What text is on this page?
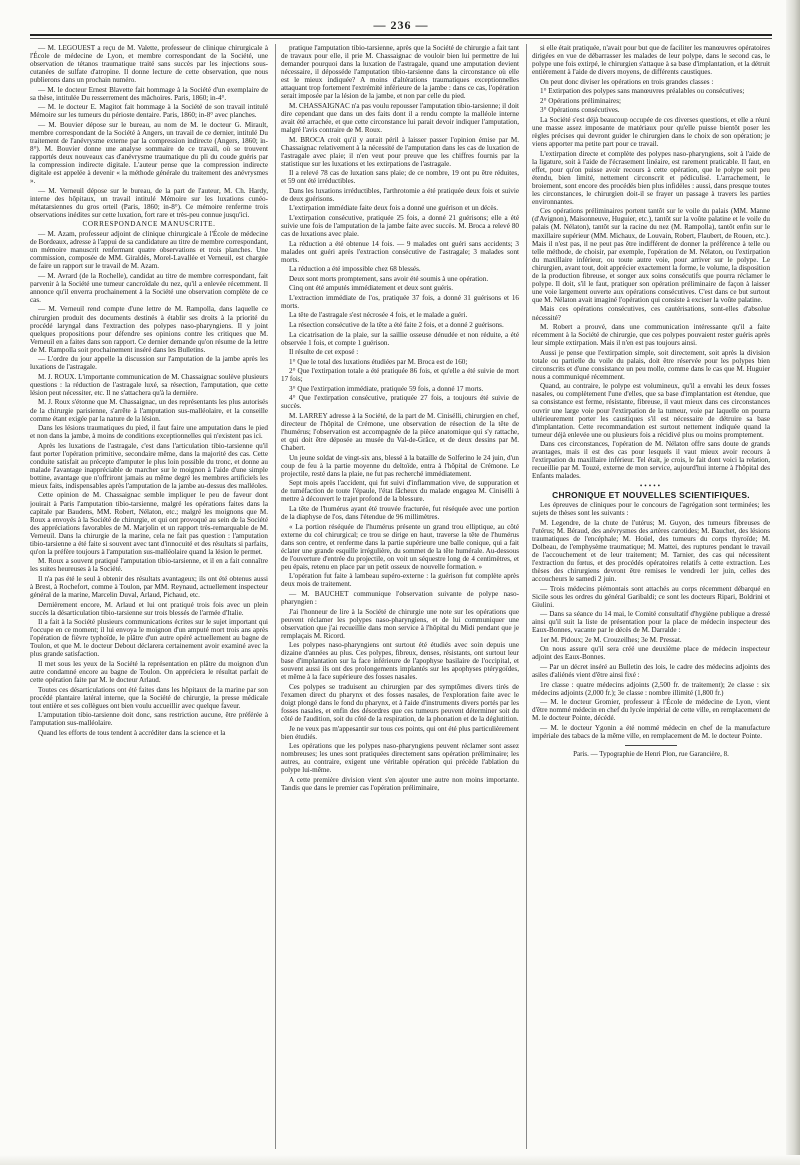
— 236 —

— M. LEGOUEST a reçu de M. Valette, professeur de clinique chirurgicale à l'École de médecine de Lyon, et membre correspondant de la Société, une observation de tétanos traumatique traité sans succès par les injections sous-cutanées de sulfate d'atropine. Il donne lecture de cette observation, que nous publierons dans un prochain numéro.

— M. le docteur Ernest Blavette fait hommage à la Société d'un exemplaire de sa thèse, intitulée Du resserrement des mâchoires. Paris, 1860; in-4°.

— M. le docteur E. Magitot fait hommage à la Société de son travail intitulé Mémoire sur les tumeurs du périoste dentaire. Paris, 1860; in-8° avec planches.

— M. Bouvier dépose sur le bureau, au nom de M. le docteur G. Mirault, membre correspondant de la Société à Angers, un travail de ce dernier, intitulé Du traitement de l'anévrysme externe par la compression indirecte (Angers, 1860; in-8°). M. Bouvier donne une analyse sommaire de ce travail, où se trouvent rapportés deux nouveaux cas d'anévrysme traumatique du pli du coude guéris par la compression indirecte digitale. L'auteur pense que la compression indirecte digitale est appelée à devenir « la méthode générale du traitement des anévrysmes ».

— M. Verneuil dépose sur le bureau, de la part de l'auteur, M. Ch. Hardy, interne des hôpitaux, un travail intitulé Mémoire sur les luxations cunéo-métatarsiennes du gros orteil (Paris, 1860; in-8°). Ce mémoire renferme trois observations inédites sur cette luxation, fort rare et très-peu connue jusqu'ici.

CORRESPONDANCE MANUSCRITE.

— M. Azam, professeur adjoint de clinique chirurgicale à l'École de médecine de Bordeaux, adresse à l'appui de sa candidature au titre de membre correspondant, un mémoire manuscrit renfermant quatre observations et trois planches. Une commission, composée de MM. Giraldès, Morel-Lavallée et Verneuil, est chargée de faire un rapport sur le travail de M. Azam.

— M. Avrard (de la Rochelle), candidat au titre de membre correspondant, fait parvenir à la Société une tumeur cancroïdale du nez, qu'il a enlevée récemment. Il annonce qu'il enverra prochainement à la Société une observation complète de ce cas.

— M. Verneuil rend compte d'une lettre de M. Rampolla, dans laquelle ce chirurgien produit des documents destinés à établir ses droits à la priorité du procédé laryngal dans l'extraction des polypes naso-pharyngiens. Il y joint quelques propositions pour défendre ses opinions contre les critiques que M. Verneuil en a faites dans son rapport. Ce dernier demande qu'on résume de la lettre de M. Rampolla soit prochainement inséré dans les Bulletins.

— L'ordre du jour appelle la discussion sur l'amputation de la jambe après les luxations de l'astragale.

M. J. ROUX. L'importante communication de M. Chassaignac soulève plusieurs questions : la réduction de l'astragale luxé, sa résection, l'amputation, que cette lésion peut nécessiter, etc. Il ne s'attachera qu'à la dernière.

M. J. Roux s'étonne que M. Chassaignac, un des représentants les plus autorisés de la chirurgie parisienne, s'arrête à l'amputation sus-malléolaire, et la conseille comme étant exigée par la nature de la lésion.

Dans les lésions traumatiques du pied, il faut faire une amputation dans le pied et non dans la jambe, à moins de conditions exceptionnelles qui n'existent pas ici.

Après les luxations de l'astragale, c'est dans l'articulation tibio-tarsienne qu'il faut porter l'opération primitive, secondaire même, dans la majorité des cas. Cette conduite satisfait au précepte d'amputer le plus loin possible du tronc, et donne au malade l'avantage inappréciable de marcher sur le moignon à l'aide d'une simple bottine, avantage que n'offriront jamais au même degré les membres artificiels les mieux faits, indispensables après l'amputation de la jambe au-dessus des malléoles.

Cette opinion de M. Chassaignac semble impliquer le peu de faveur dont jouirait à Paris l'amputation tibio-tarsienne, malgré les opérations faites dans la capitale par Baudens, MM. Robert, Nélaton, etc.; malgré les moignons que M. Roux a envoyés à la Société de chirurgie, et qui ont provoqué au sein de la Société des appréciations favorables de M. Marjolin et un rapport très-remarquable de M. Verneuil. Dans la chirurgie de la marine, cela ne fait pas question : l'amputation tibio-tarsienne a été faite si souvent avec tant d'innocuité et des résultats si parfaits, qu'on la préfère toujours à l'amputation sus-malléolaire quand la lésion le permet.

M. Roux a souvent pratiqué l'amputation tibio-tarsienne, et il en a fait connaître les suites heureuses à la Société.

Il n'a pas été le seul à obtenir des résultats avantageux; ils ont été obtenus aussi à Brest, à Rochefort, comme à Toulon, par MM. Reynaud, actuellement inspecteur général de la marine, Marcelin Duval, Arlaud, Pichaud, etc.

Dernièrement encore, M. Arlaud et lui ont pratiqué trois fois avec un plein succès la désarticulation tibio-tarsienne sur trois blessés de l'armée d'Italie.

Il a fait à la Société plusieurs communications écrites sur le sujet important qui l'occupe en ce moment; il lui envoya le moignon d'un amputé mort trois ans après l'opération de fièvre typhoïde, le plâtre d'un autre opéré actuellement au bagne de Toulon, et que M. le docteur Debout déclarera certainement avoir examiné avec la plus grande satisfaction.

Il met sous les yeux de la Société la représentation en plâtre du moignon d'un autre condamné encore au bagne de Toulon. On appréciera le résultat parfait de cette opération faite par M. le docteur Arlaud.

Toutes ces désarticulations ont été faites dans les hôpitaux de la marine par son procédé plantaire latéral interne, que la Société de chirurgie, la presse médicale tout entière et ses collègues ont bien voulu accueillir avec quelque faveur.

L'amputation tibio-tarsienne doit donc, sans restriction aucune, être préférée à l'amputation sus-malléolaire.

Quand les efforts de tous tendent à accréditer dans la science et la

pratique l'amputation tibio-tarsienne, après que la Société de chirurgie a fait tant de travaux pour elle, il prie M. Chassaignac de vouloir bien lui permettre de lui demander pourquoi dans la luxation de l'astragale, quand une amputation devient nécessaire, il déposséde l'amputation tibio-tarsienne dans la circonstance où elle est le mieux indiquée? A moins d'altérations traumatiques exceptionnelles attaquant trop fortement l'extrémité inférieure de la jambe : dans ce cas, l'opération serait imposée par la lésion de la jambe, et non par celle du pied.

M. CHASSAIGNAC n'a pas voulu repousser l'amputation tibio-tarsienne; il doit dire cependant que dans un des faits dont il a rendu compte la malléole interne avait été arrachée, et que cette circonstance lui parait devoir indiquer l'amputation, malgré l'avis contraire de M. Roux.

M. BROCA croit qu'il y aurait péril à laisser passer l'opinion émise par M. Chassaignac relativement à la nécessité de l'amputation dans les cas de luxation de l'astragale avec plaie; il n'en veut pour preuve que les chiffres fournis par la statistique sur les luxations et les extirpations de l'astragale.

Il a relevé 78 cas de luxation sans plaie; de ce nombre, 19 ont pu être réduites, et 59 ont été irréductibles.

Dans les luxations irréductibles, l'arthrotomie a été pratiquée deux fois et suivie de deux guérisons.

L'extirpation immédiate faite deux fois a donné une guérison et un décès.

L'extirpation consécutive, pratiquée 25 fois, a donné 21 guérisons; elle a été suivie une fois de l'amputation de la jambe faite avec succès. M. Broca a relevé 80 cas de luxations avec plaie.

La réduction a été obtenue 14 fois. — 9 malades ont guéri sans accidents; 3 malades ont guéri après l'extraction consécutive de l'astragale; 3 malades sont morts.

La réduction a été impossible chez 68 blessés.

Deux sont morts promptement, sans avoir été soumis à une opération.

Cinq ont été amputés immédiatement et deux sont guéris.

L'extraction immédiate de l'os, pratiquée 37 fois, a donné 31 guérisons et 16 morts.

La tête de l'astragale s'est nécrosée 4 fois, et le malade a guéri.

La résection consécutive de la tête a été faite 2 fois, et a donné 2 guérisons.

La cicatrisation de la plaie, sur la saillie osseuse dénudée et non réduite, a été observée 1 fois, et compte 1 guérison.

Il résulte de cet exposé :

1° Que le total des luxations étudiées par M. Broca est de 160;

2° Que l'extirpation totale a été pratiquée 86 fois, et qu'elle a été suivie de mort 17 fois;

3° Que l'extirpation immédiate, pratiquée 59 fois, a donné 17 morts.

4° Que l'extirpation consécutive, pratiquée 27 fois, a toujours été suivie de succès.

M. LARREY adresse à la Société, de la part de M. Cinisélli, chirurgien en chef, directeur de l'hôpital de Crémone, une observation de résection de la tête de l'humérus; l'observation est accompagnée de la pièce anatomique qui s'y rattache, et qui doit être déposée au musée du Val-de-Grâce, et de deux dessins par M. Chabert.

Un jeune soldat de vingt-six ans, blessé à la bataille de Solferino le 24 juin, d'un coup de feu à la partie moyenne du deltoïde, entra à l'hôpital de Crémone. Le projectile, resté dans la plaie, ne fut pas recherché immédiatement.

Sept mois après l'accident, qui fut suivi d'inflammation vive, de suppuration et de tuméfaction de toute l'épaule, l'état fâcheux du malade engagea M. Cinisélli à mettre à découvert le trajet profond de la blessure.

La tête de l'humérus ayant été trouvée fracturée, fut réséquée avec une portion de la diaphyse de l'os, dans l'étendue de 96 millimètres.

« La portion réséquée de l'humérus présente un grand trou elliptique, au côté externe du col chirurgical; ce trou se dirige en haut, traverse la tête de l'humérus dans son centre, et renferme dans la partie supérieure une balle conique, qui a fait éclater une grande esquille irrégulière, du sommet de la tête humérale. Au-dessous de l'ouverture d'entrée du projectile, on voit un séquestre long de 4 centimètres, et peu épais, retenu en place par un petit osseux de nouvelle formation. »

L'opération fut faite à lambeau supéro-externe : la guérison fut complète après deux mois de traitement.

— M. BAUCHET communique l'observation suivante de polype naso-pharyngien :

J'ai l'honneur de lire à la Société de chirurgie une note sur les opérations que peuvent réclamer les polypes naso-pharyngiens, et de lui communiquer une observation que j'ai recueillie dans mon service à l'hôpital du Midi pendant que je remplaçais M. Ricord.

Les polypes naso-pharyngiens ont surtout été étudiés avec soin depuis une dizaine d'années au plus. Ces polypes, fibreux, denses, résistants, ont surtout leur base d'implantation sur la face inférieure de l'apophyse basilaire de l'occipital, et souvent aussi ils ont des prolongements implantés sur les apophyses ptérygoïdes, et même à la face supérieure des fosses nasales.

Ces polypes se traduisent au chirurgien par des symptômes divers tirés de l'examen direct du pharynx et des fosses nasales, de l'exploration faite avec le doigt plongé dans le fond du pharynx, et à l'aide d'instruments divers portés par les fosses nasales, et enfin des désordres que ces tumeurs peuvent déterminer soit du côté de l'audition, soit du côté de la respiration, de la phonation et de la déglutition.

Je ne veux pas m'appesantir sur tous ces points, qui ont été plus particulièrement bien étudiés.

Les opérations que les polypes naso-pharyngiens peuvent réclamer sont assez nombreuses; les unes sont pratiquées directement sans opération préliminaire; les autres, au contraire, exigent une véritable opération qui précède l'ablation du polype lui-même.

A cette première division vient s'en ajouter une autre non moins importante. Tandis que dans le premier cas l'opération préliminaire,

si elle était pratiquée, n'avait pour but que de faciliter les manœuvres opératoires dirigées en vue de débarrasser les malades de leur polype, dans le second cas, le polype une fois extirpé, le chirurgien s'attaque à sa base d'implantation, et la détruit entièrement à l'aide de divers moyens, de différents caustiques.

On peut donc diviser les opérations en trois grandes classes :

1° Extirpation des polypes sans manœuvres préalables ou consécutives;

2° Opérations préliminaires;

3° Opérations consécutives.

La Société s'est déjà beaucoup occupée de ces diverses questions, et elle a réuni une masse assez imposante de matériaux pour qu'elle puisse bientôt poser les règles précises qui devront guider le chirurgien dans le choix de son opération; je viens apporter ma petite part pour ce travail.

L'extirpation directe et complète des polypes naso-pharyngiens, soit à l'aide de la ligature, soit à l'aide de l'écrasement linéaire, est rarement praticable. Il faut, en effet, pour qu'on puisse avoir recours à cette opération, que le polype soit peu étendu, bien limité, nettement circonscrit et pédiculisé. L'arrachement, le broiement, sont encore des procédés bien plus infidèles : aussi, dans presque toutes les circonstances, le chirurgien doit-il se frayer un passage à travers les parties environnantes.

Ces opérations préliminaires portent tantôt sur le voile du palais (MM. Manne (d'Avignon), Maisonneuve, Huguier, etc.), tantôt sur la voûte palatine et le voile du palais (M. Nélaton), tantôt sur la racine du nez (M. Rampolla), tantôt enfin sur le maxillaire supérieur (MM. Michaux, de Louvain, Robert, Flaubert, de Rouen, etc.). Mais il n'est pas, il ne peut pas être indifférent de donner la préférence à telle ou telle méthode, de choisir, par exemple, l'opération de M. Nélaton, ou l'extirpation du maxillaire inférieur, ou toute autre voie, pour arriver sur le polype. Le chirurgien, avant tout, doit apprécier exactement la forme, le volume, la disposition de la production fibreuse, et songer aux soins consécutifs que pourra réclamer le polype. Il doit, s'il le faut, pratiquer son opération préliminaire de façon à laisser une voie largement ouverte aux opérations consécutives. C'est dans ce but surtout que M. Nélaton avait imaginé l'opération qui consiste à exciser la voûte palatine.

Mais ces opérations consécutives, ces cautérisations, sont-elles d'absolue nécessité?

M. Robert a prouvé, dans une communication intéressante qu'il a faite récemment à la Société de chirurgie, que ces polypes pouvaient rester guéris après leur simple extirpation. Mais il n'en est pas toujours ainsi.

Aussi je pense que l'extirpation simple, soit directement, soit après la division totale ou partielle du voile du palais, doit être réservée pour les polypes bien circonscrits et d'une consistance un peu molle, comme dans le cas que M. Huguier nous a communiqué récemment.

Quand, au contraire, le polype est volumineux, qu'il a envahi les deux fosses nasales, ou complètement l'une d'elles, que sa base d'implantation est étendue, que sa consistance est ferme, résistante, fibreuse, il vaut mieux dans ces circonstances ouvrir une large voie pour l'extirpation de la tumeur, voie par laquelle on pourra ultérieurement porter les caustiques s'il est nécessaire de détruire sa base d'implantation. Cette recommandation est surtout nettement indiquée quand la tumeur déjà enlevée une ou plusieurs fois a récidivé plus ou moins promptement.

Dans ces circonstances, l'opération de M. Nélaton offre sans doute de grands avantages, mais il est des cas pour lesquels il vaut mieux avoir recours à l'extirpation du maxillaire inférieur. Tel était, je crois, le fait dont voici la relation, recueillie par M. Touzé, externe de mon service, aujourd'hui interne à l'hôpital des Enfants malades.

•••••

CHRONIQUE ET NOUVELLES SCIENTIFIQUES.

Les épreuves de cliniques pour le concours de l'agrégation sont terminées; les sujets de thèses sont les suivants :

M. Legendre, de la chute de l'utérus; M. Guyon, des tumeurs fibreuses de l'utérus; M. Béraud, des anévrysmes des artères carotides; M. Bauchet, des lésions traumatiques de l'encéphale; M. Hoüel, des tumeurs du corps thyroïde; M. Dolbeau, de l'emphysème traumatique; M. Mattei, des ruptures pendant le travail de l'accouchement et de leur traitement; M. Tarnier, des cas qui nécessitent l'extraction du fœtus, et des procédés opératoires relatifs à cette extraction. Les thèses des chirurgiens devront être remises le vendredi 1er juin, celles des accoucheurs le samedi 2 juin.

— Trois médecins piémontais sont attachés au corps récemment débarqué en Sicile sous les ordres du général Garibaldi; ce sont les docteurs Ripari, Boldrini et Giulini.

— Dans sa séance du 14 mai, le Comité consultatif d'hygiène publique a dressé ainsi qu'il suit la liste de présentation pour la place de médecin inspecteur des Eaux-Bonnes, vacante par le décès de M. Darralde :

1er M. Pidoux; 2e M. Crouzeilhes; 3e M. Pressat.

On nous assure qu'il sera créé une deuxième place de médecin inspecteur adjoint des Eaux-Bonnes.

— Par un décret inséré au Bulletin des lois, le cadre des médecins adjoints des asiles d'aliénés vient d'être ainsi fixé :

1re classe : quatre médecins adjoints (2,500 fr. de traitement); 2e classe : six médecins adjoints (2,000 fr.); 3e classe : nombre illimité (1,800 fr.)

— M. le docteur Gromier, professeur à l'École de médecine de Lyon, vient d'être nommé médecin en chef du lycée impérial de cette ville, en remplacement de M. le docteur Pointe, décédé.

— M. le docteur Ygonin a été nommé médecin en chef de la manufacture impériale des tabacs de la même ville, en remplacement de M. le docteur Pointe.

Paris. — Typographie de Henri Plon, rue Garancière, 8.
